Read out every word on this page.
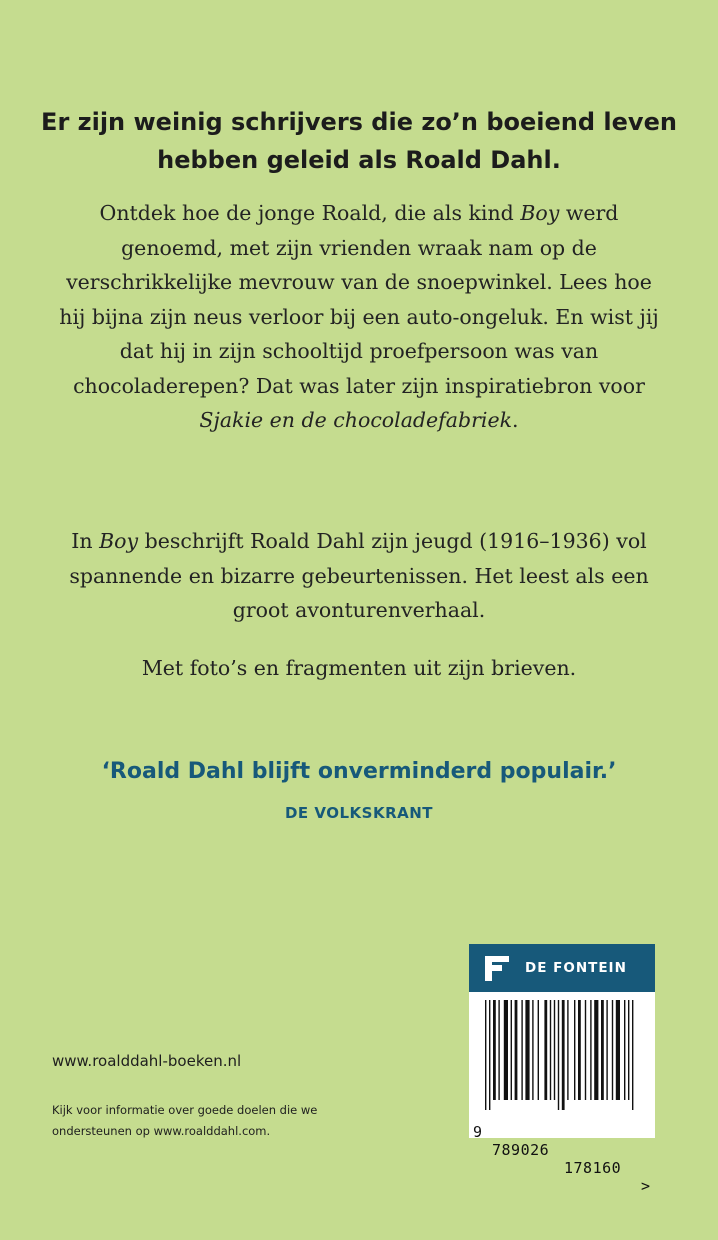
Er zijn weinig schrijvers die zo’n boeiend leven
hebben geleid als Roald Dahl.

Ontdek hoe de jonge Roald, die als kind Boy werd genoemd, met zijn vrienden wraak nam op de verschrikkelijke mevrouw van de snoepwinkel. Lees hoe hij bijna zijn neus verloor bij een auto-ongeluk. En wist jij dat hij in zijn schooltijd proefpersoon was van chocoladerepen? Dat was later zijn inspiratiebron voor Sjakie en de chocoladefabriek.

In Boy beschrijft Roald Dahl zijn jeugd (1916–1936) vol spannende en bizarre gebeurtenissen. Het leest als een groot avonturenverhaal.

Met foto’s en fragmenten uit zijn brieven.

‘Roald Dahl blijft onverminderd populair.’

DE VOLKSKRANT

www.roalddahl-boeken.nl

Kijk voor informatie over goede doelen die we
ondersteunen op www.roalddahl.com.

DE FONTEIN

9

789026

178160

>
